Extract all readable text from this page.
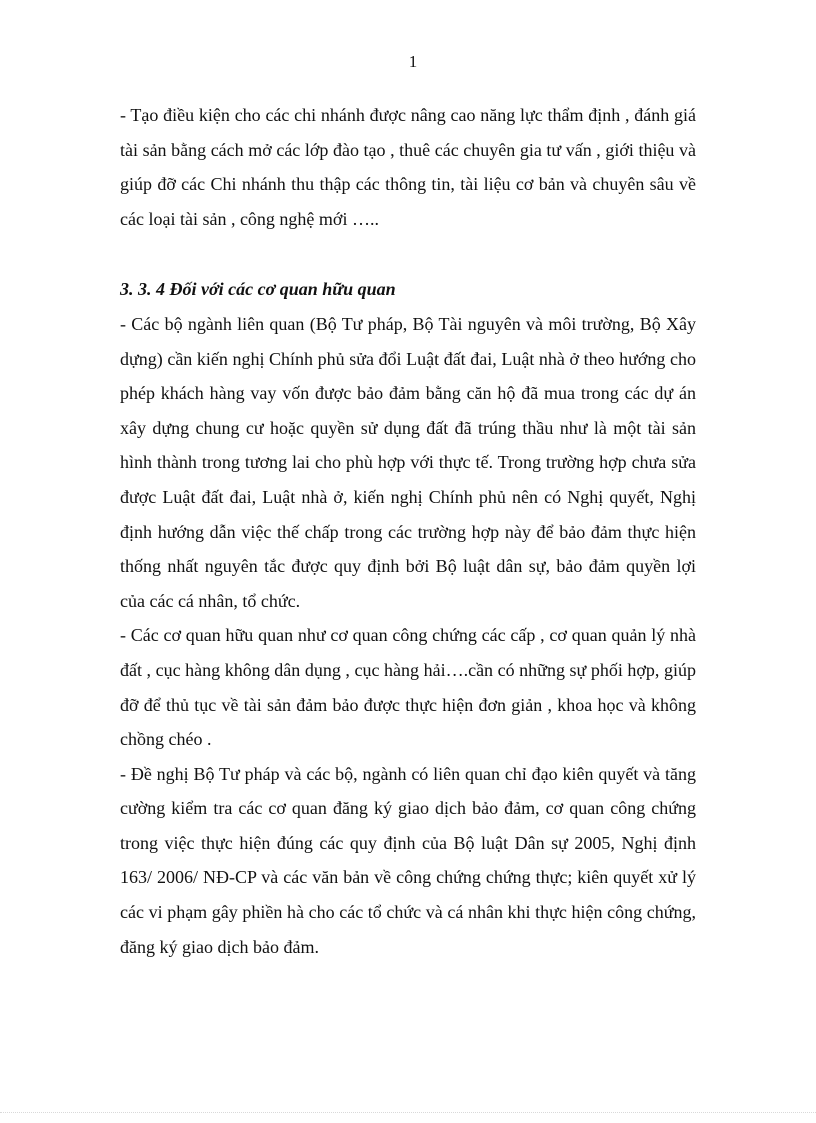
1

- Tạo điều kiện cho các chi nhánh được nâng cao năng lực thẩm định , đánh giá tài sản bằng cách mở các lớp đào tạo , thuê các chuyên gia tư vấn , giới thiệu và giúp đỡ các Chi nhánh thu thập các thông tin, tài liệu cơ bản và chuyên sâu về các loại tài sản , công nghệ mới …..

3. 3. 4 Đối với các cơ quan hữu quan

- Các bộ ngành liên quan (Bộ Tư pháp, Bộ Tài nguyên và môi trường, Bộ Xây dựng) cần kiến nghị Chính phủ sửa đổi Luật đất đai, Luật nhà ở theo hướng cho phép khách hàng vay vốn được bảo đảm bằng căn hộ đã mua trong các dự án xây dựng chung cư hoặc quyền sử dụng đất đã trúng thầu như là một tài sản hình thành trong tương lai cho phù hợp với thực tế. Trong trường hợp chưa sửa được Luật đất đai, Luật nhà ở, kiến nghị Chính phủ nên có Nghị quyết, Nghị định hướng dẫn việc thế chấp trong các trường hợp này để bảo đảm thực hiện thống nhất nguyên tắc được quy định bởi Bộ luật dân sự, bảo đảm quyền lợi của các cá nhân, tổ chức.

- Các cơ quan hữu quan như cơ quan công chứng các cấp , cơ quan quản lý nhà đất , cục hàng không dân dụng , cục hàng hải….cần có những sự phối hợp, giúp đỡ để thủ tục về tài sản đảm bảo được thực hiện đơn giản , khoa học và không chồng chéo .

- Đề nghị Bộ Tư pháp và các bộ, ngành có liên quan chỉ đạo kiên quyết và tăng cường kiểm tra các cơ quan đăng ký giao dịch bảo đảm, cơ quan công chứng trong việc thực hiện đúng các quy định của Bộ luật Dân sự 2005, Nghị định 163/ 2006/ NĐ-CP và các văn bản về công chứng chứng thực; kiên quyết xử lý các vi phạm gây phiền hà cho các tổ chức và cá nhân khi thực hiện công chứng, đăng ký giao dịch bảo đảm.
